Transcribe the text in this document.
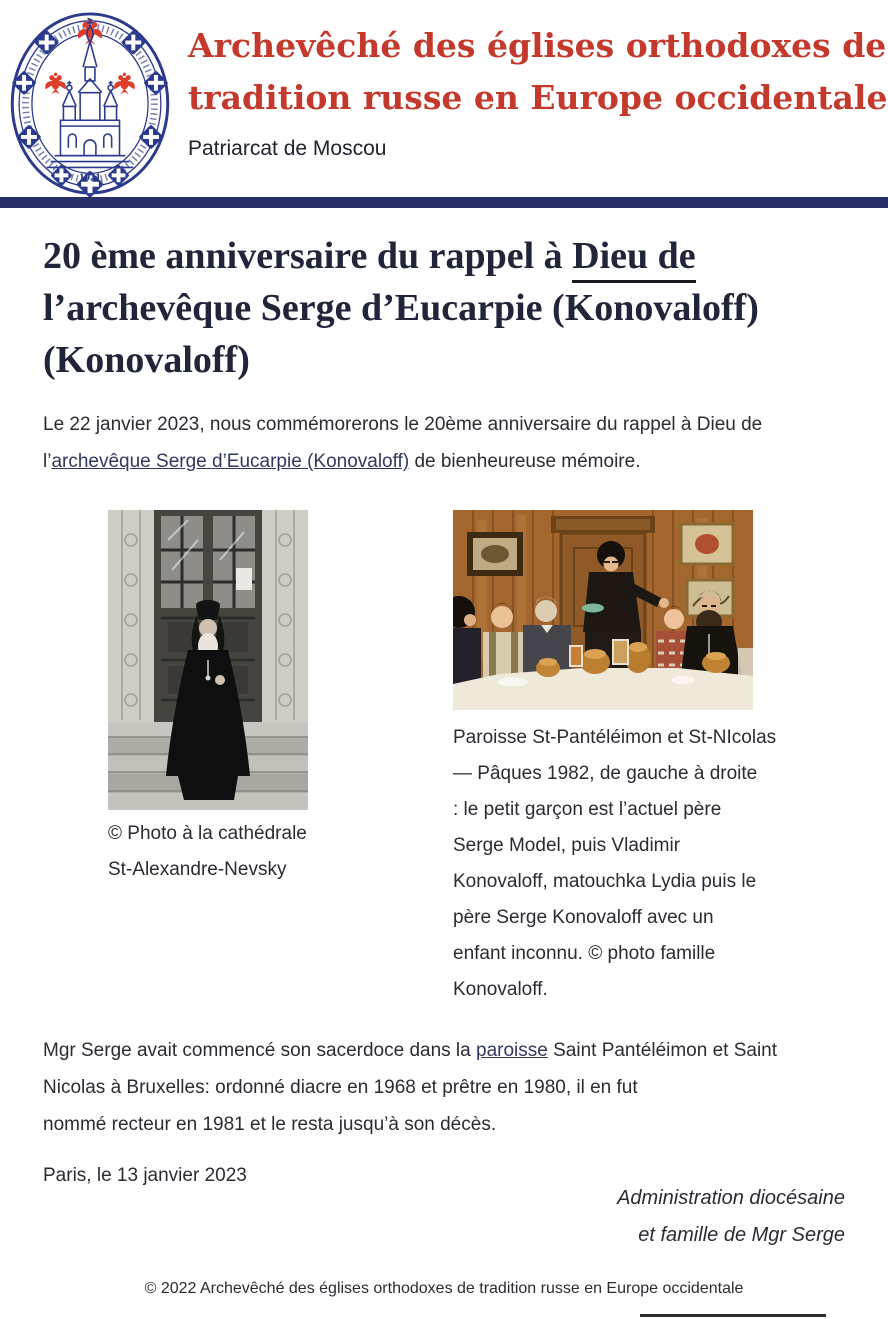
1921
Archevêché des églises orthodoxes de
tradition russe en Europe occidentale
Patriarcat de Moscou
20 ème anniversaire du rappel à Dieu de
l’archevêque Serge d’Eucarpie (Konovaloff)
(Konovaloff)

Le 22 janvier 2023, nous commémorerons le 20ème anniversaire du rappel à Dieu de
l’archevêque Serge d’Eucarpie (Konovaloff) de bienheureuse mémoire.

© Photo à la cathédrale
St-Alexandre-Nevsky
Paroisse St-Pantéléimon et St-NIcolas
— Pâques 1982, de gauche à droite
: le petit garçon est l’actuel père
Serge Model, puis Vladimir
Konovaloff, matouchka Lydia puis le
père Serge Konovaloff avec un
enfant inconnu. © photo famille
Konovaloff.

Mgr Serge avait commencé son sacerdoce dans la paroisse Saint Pantéléimon et Saint
Nicolas à Bruxelles: ordonné diacre en 1968 et prêtre en 1980, il en fut
nommé recteur en 1981 et le resta jusqu’à son décès.

Paris, le 13 janvier 2023

Administration diocésaine
et famille de Mgr Serge

© 2022 Archevêché des églises orthodoxes de tradition russe en Europe occidentale
